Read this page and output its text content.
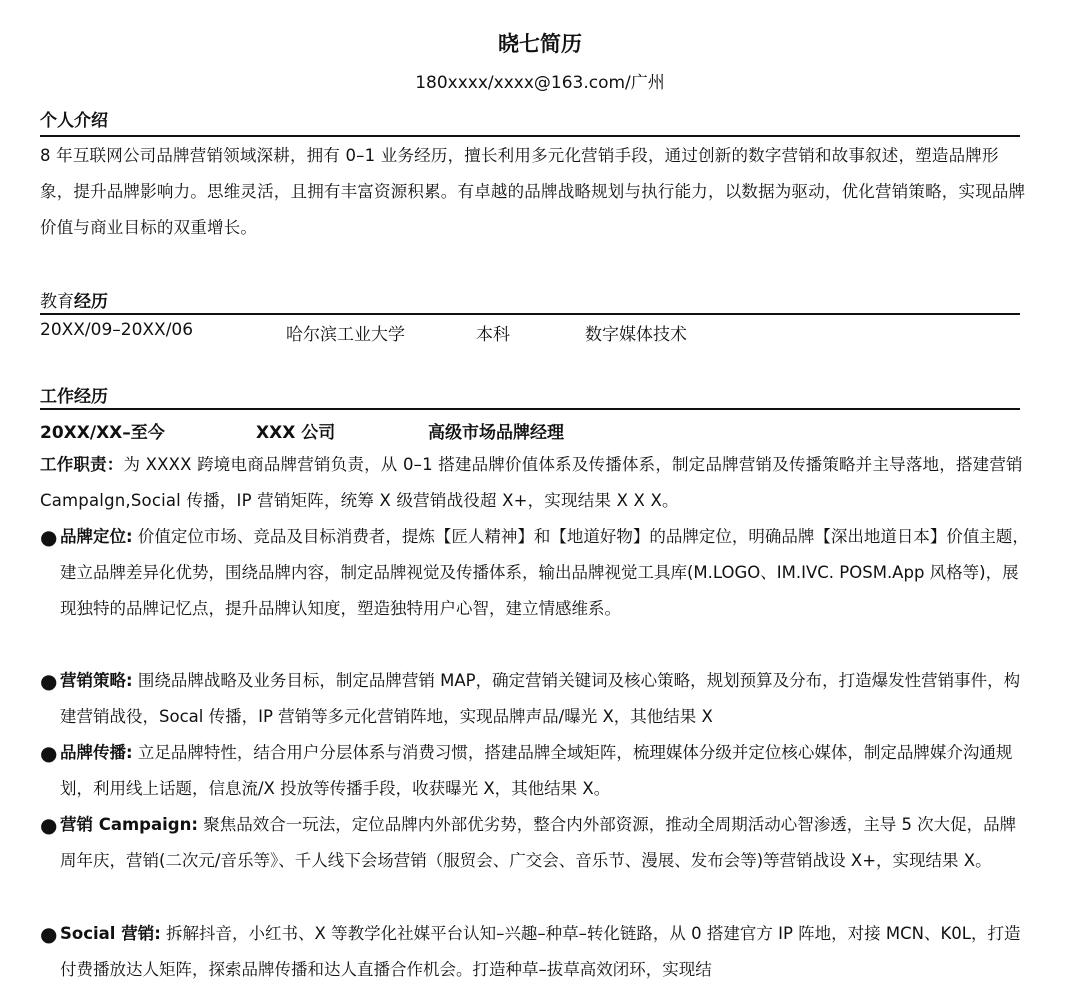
晓七简历
180xxxx/xxxx@163.com/广州
个人介绍
8 年互联网公司品牌营销领域深耕，拥有 0–1 业务经历，擅长利用多元化营销手段，通过创新的数字营销和故事叙述，塑造品牌形象，提升品牌影响力。思维灵活，且拥有丰富资源积累。有卓越的品牌战略规划与执行能力，以数据为驱动，优化营销策略，实现品牌价值与商业目标的双重增长。
教育经历
20XX/09–20XX/06	哈尔滨工业大学	本科	数字媒体技术
工作经历
20XX/XX–至今	XXX 公司	高级市场品牌经理
工作职责：为 XXXX 跨境电商品牌营销负责，从 0–1 搭建品牌价值体系及传播体系，制定品牌营销及传播策略并主导落地，搭建营销 Campalgn,Social 传播，IP 营销矩阵，统筹 X 级营销战役超 X+，实现结果 X X X。
● 品牌定位: 价值定位市场、竞品及目标消费者，提炼【匠人精神】和【地道好物】的品牌定位，明确品牌【深出地道日本】价值主题，建立品牌差异化优势，围绕品牌内容，制定品牌视觉及传播体系，输出品牌视觉工具库(M.LOGO、IM.IVC. POSM.App 风格等)，展现独特的品牌记忆点，提升品牌认知度，塑造独特用户心智，建立情感维系。
● 营销策略: 围绕品牌战略及业务目标，制定品牌营销 MAP，确定营销关键词及核心策略，规划预算及分布，打造爆发性营销事件，构建营销战役，Socal 传播，IP 营销等多元化营销阵地，实现品牌声品/曝光 X，其他结果 X
● 品牌传播: 立足品牌特性，结合用户分层体系与消费习惯，搭建品牌全域矩阵，梳理媒体分级并定位核心媒体，制定品牌媒介沟通规划，利用线上话题，信息流/X 投放等传播手段，收获曝光 X，其他结果 X。
● 营销 Campaign: 聚焦品效合一玩法，定位品牌内外部优劣势，整合内外部资源，推动全周期活动心智渗透，主导 5 次大促，品牌周年庆，营销(二次元/音乐等》、千人线下会场营销（服贸会、广交会、音乐节、漫展、发布会等)等营销战设 X+，实现结果 X。
● Social 营销: 拆解抖音，小红书、X 等教学化社媒平台认知–兴趣–种草–转化链路，从 0 搭建官方 IP 阵地，对接 MCN、K0L，打造付费播放达人矩阵，探索品牌传播和达人直播合作机会。打造种草–拔草高效闭环，实现结
